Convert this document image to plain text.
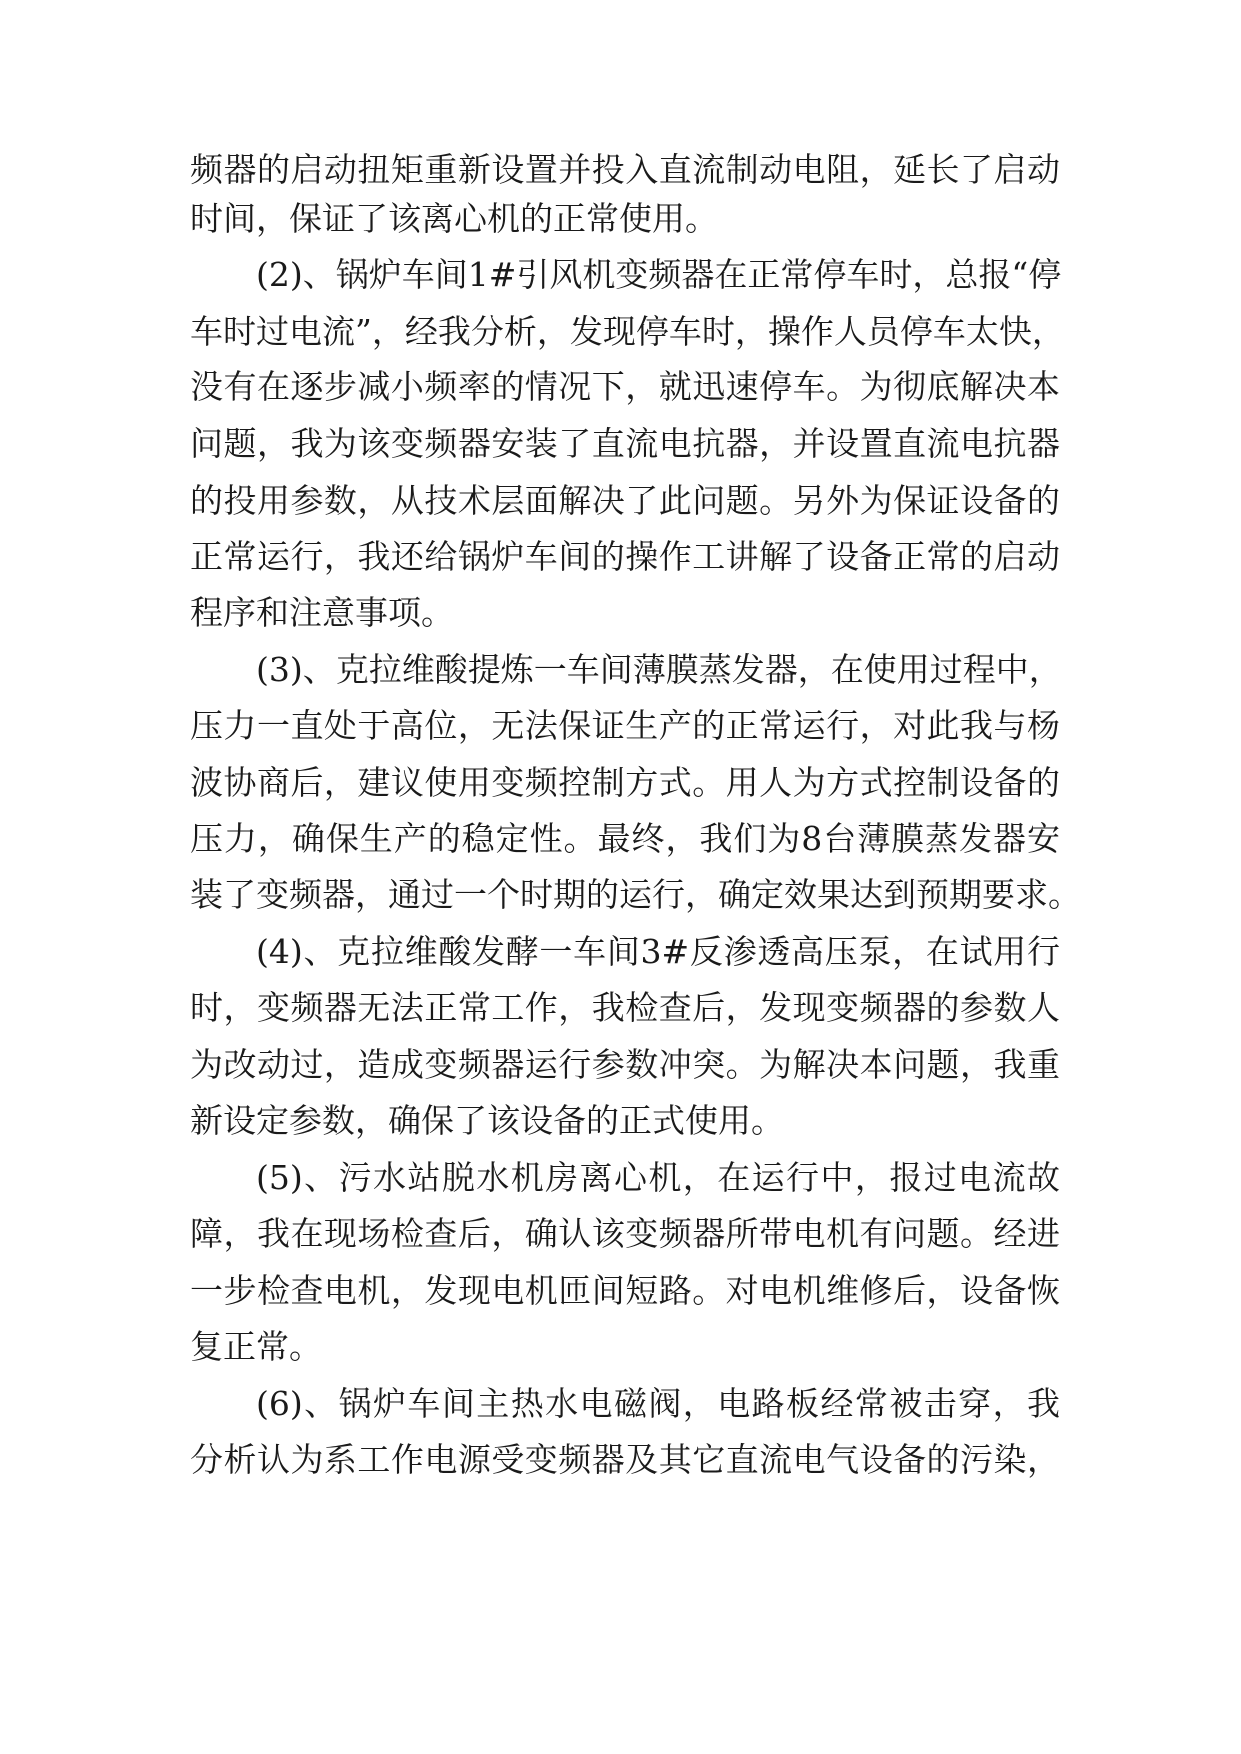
频器的启动扭矩重新设置并投入直流制动电阻，延长了启动
时间，保证了该离心机的正常使用。
(2)、锅炉车间1#引风机变频器在正常停车时，总报“停
车时过电流”，经我分析，发现停车时，操作人员停车太快，
没有在逐步减小频率的情况下，就迅速停车。为彻底解决本
问题，我为该变频器安装了直流电抗器，并设置直流电抗器
的投用参数，从技术层面解决了此问题。另外为保证设备的
正常运行，我还给锅炉车间的操作工讲解了设备正常的启动
程序和注意事项。
(3)、克拉维酸提炼一车间薄膜蒸发器，在使用过程中，
压力一直处于高位，无法保证生产的正常运行，对此我与杨
波协商后，建议使用变频控制方式。用人为方式控制设备的
压力，确保生产的稳定性。最终，我们为8台薄膜蒸发器安
装了变频器，通过一个时期的运行，确定效果达到预期要求。
(4)、克拉维酸发酵一车间3#反渗透高压泵，在试用行
时，变频器无法正常工作，我检查后，发现变频器的参数人
为改动过，造成变频器运行参数冲突。为解决本问题，我重
新设定参数，确保了该设备的正式使用。
(5)、污水站脱水机房离心机，在运行中，报过电流故
障，我在现场检查后，确认该变频器所带电机有问题。经进
一步检查电机，发现电机匝间短路。对电机维修后，设备恢
复正常。
(6)、锅炉车间主热水电磁阀，电路板经常被击穿，我
分析认为系工作电源受变频器及其它直流电气设备的污染，
